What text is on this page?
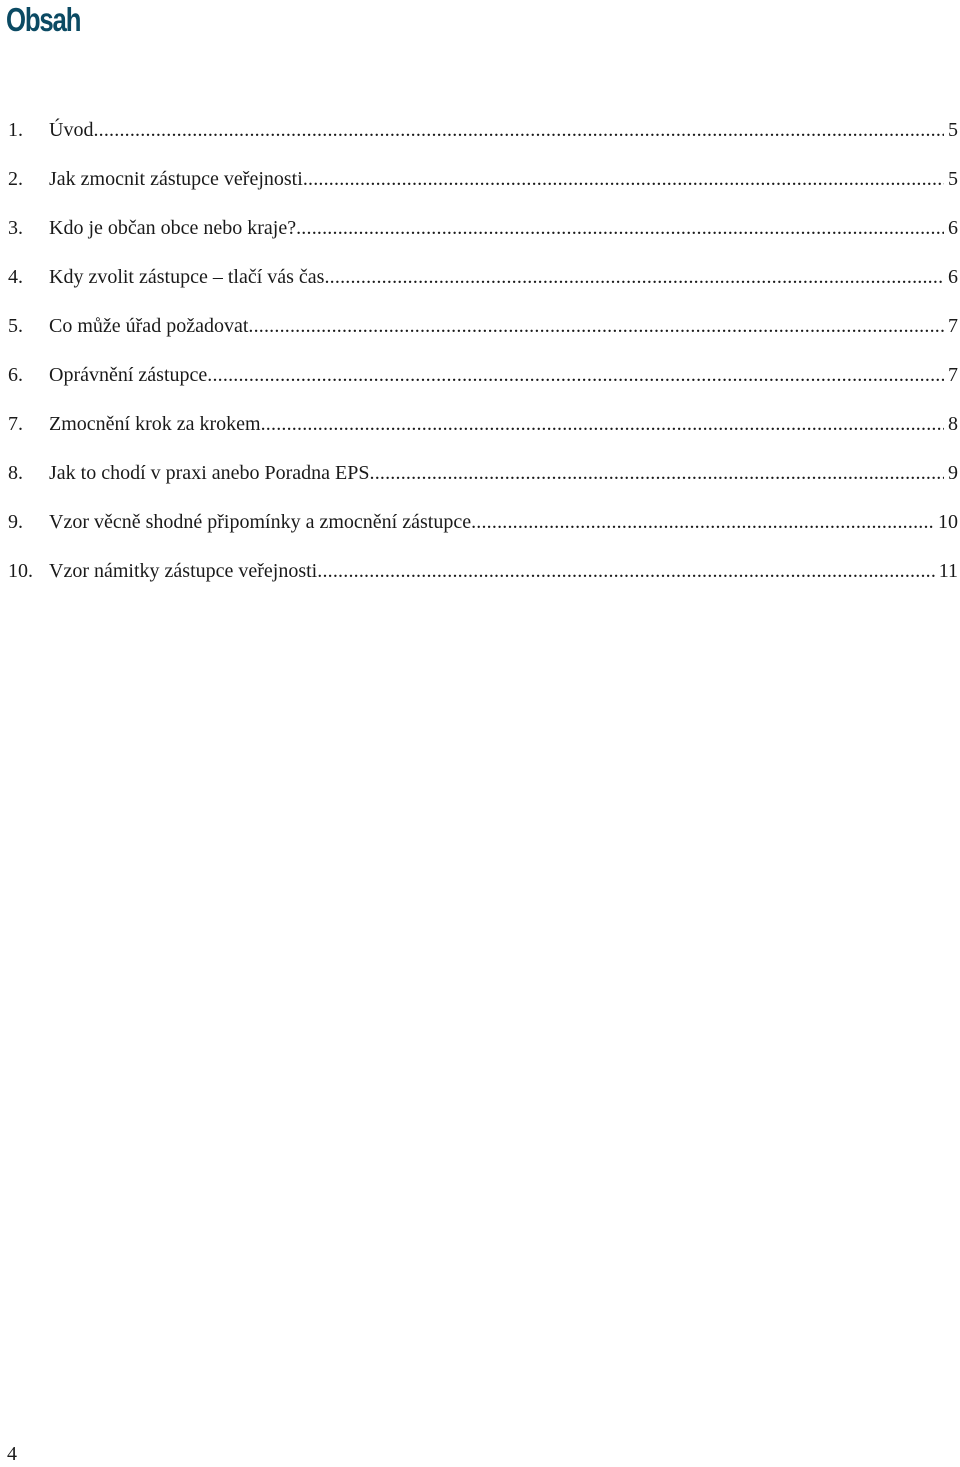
Obsah
1.	Úvod .....	5
2.	Jak zmocnit zástupce veřejnosti .....	5
3.	Kdo je občan obce nebo kraje? .....	6
4.	Kdy zvolit zástupce – tlačí vás čas .....	6
5.	Co může úřad požadovat .....	7
6.	Oprávnění zástupce .....	7
7.	Zmocnění krok za krokem .....	8
8.	Jak to chodí v praxi anebo Poradna EPS .....	9
9.	Vzor věcně shodné připomínky a zmocnění zástupce .....	10
10. Vzor námitky zástupce veřejnosti .....	11
4
